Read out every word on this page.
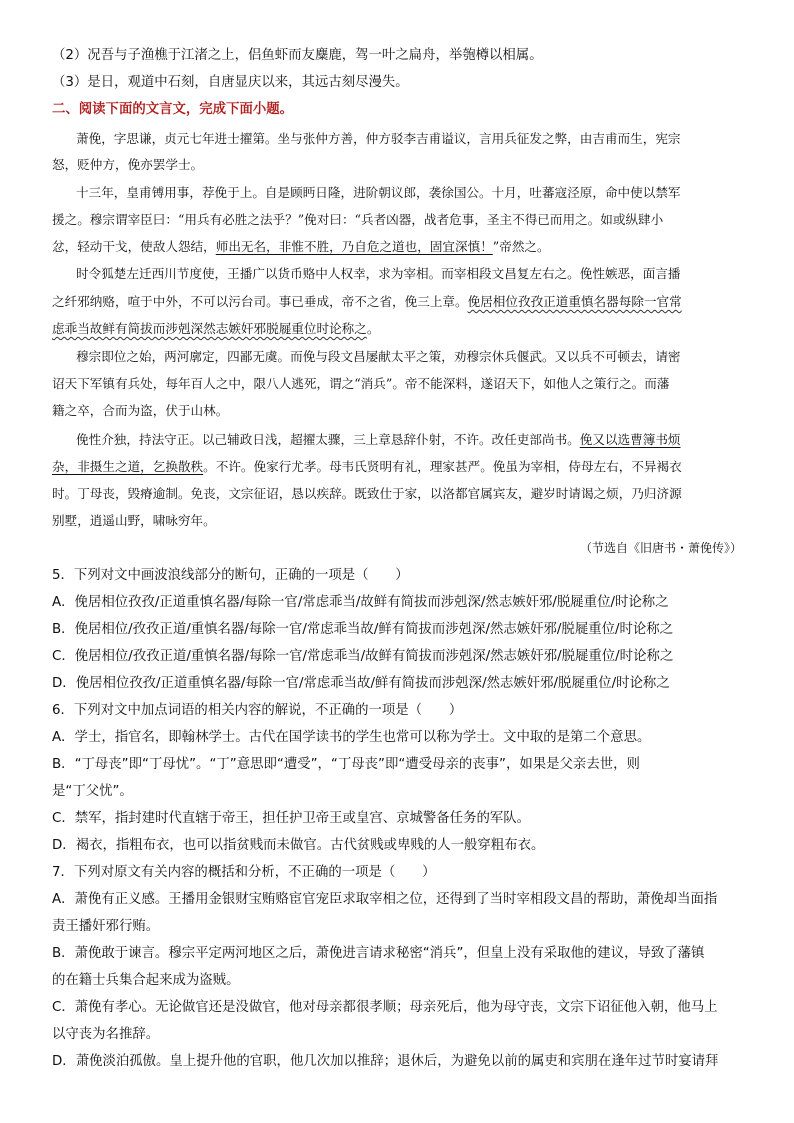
（2）况吾与子渔樵于江渚之上，侣鱼虾而友麋鹿，驾一叶之扁舟，举匏樽以相属。
（3）是日，观道中石刻，自唐显庆以来，其远古刻尽漫失。
二、阅读下面的文言文，完成下面小题。
萧俛，字思谦，贞元七年进士擢第。坐与张仲方善，仲方驳李吉甫谥议，言用兵征发之弊，由吉甫而生，宪宗
怒，贬仲方，俛亦罢学士。
十三年，皇甫镈用事，荐俛于上。自是顾眄日隆，进阶朝议郎，袭徐国公。十月，吐蕃寇泾原，命中使以禁军
援之。穆宗谓宰臣曰：“用兵有必胜之法乎？”俛对曰：“兵者凶器，战者危事，圣主不得已而用之。如或纵肆小
忿，轻动干戈，使敌人怨结，师出无名，非惟不胜，乃自危之道也，固宜深慎！”帝然之。
时令狐楚左迁西川节度使，王播广以货币赂中人权幸，求为宰相。而宰相段文昌复左右之。俛性嫉恶，面言播
之纤邪纳赂，喧于中外，不可以污台司。事已垂成，帝不之省，俛三上章。俛居相位孜孜正道重慎名器每除一官常
虑乖当故鲜有简拔而涉剋深然志嫉奸邪脱屣重位时论称之。
穆宗即位之始，两河廓定，四鄙无虞。而俛与段文昌屡献太平之策，劝穆宗休兵偃武。又以兵不可顿去，请密
诏天下军镇有兵处，每年百人之中，限八人逃死，谓之“消兵”。帝不能深料，遂诏天下，如他人之策行之。而藩
籍之卒，合而为盗，伏于山林。
俛性介独，持法守正。以己辅政日浅，超擢太骤，三上章恳辞仆射，不许。改任吏部尚书。俛又以选曹簿书烦
杂，非摄生之道，乞换散秩。不许。俛家行尤孝。母韦氏贤明有礼，理家甚严。俛虽为宰相，侍母左右，不异褐衣
时。丁母丧，毁瘠逾制。免丧，文宗征诏，恳以疾辞。既致仕于家，以洛都官属宾友，避岁时请谒之烦，乃归济源
别墅，逍遥山野，啸咏穷年。
（节选自《旧唐书・萧俛传》）
5．下列对文中画波浪线部分的断句，正确的一项是（　　）
A．俛居相位孜孜/正道重慎名器/每除一官/常虑乖当/故鲜有简拔而涉剋深/然志嫉奸邪/脱屣重位/时论称之
B．俛居相位/孜孜正道/重慎名器/每除一官/常虑乖当故/鲜有简拔而涉剋深/然志嫉奸邪/脱屣重位/时论称之
C．俛居相位/孜孜正道/重慎名器/每除一官/常虑乖当/故鲜有简拔而涉剋深/然志嫉奸邪/脱屣重位/时论称之
D．俛居相位孜孜/正道重慎名器/每除一官/常虑乖当故/鲜有简拔而涉剋深/然志嫉奸邪/脱屣重位/时论称之
6．下列对文中加点词语的相关内容的解说，不正确的一项是（　　）
A．学士，指官名，即翰林学士。古代在国学读书的学生也常可以称为学士。文中取的是第二个意思。
B．“丁母丧”即“丁母忧”。“丁”意思即“遭受”，“丁母丧”即“遭受母亲的丧事”，如果是父亲去世，则
是“丁父忧”。
C．禁军，指封建时代直辖于帝王，担任护卫帝王或皇宫、京城警备任务的军队。
D．褐衣，指粗布衣，也可以指贫贱而未做官。古代贫贱或卑贱的人一般穿粗布衣。
7．下列对原文有关内容的概括和分析，不正确的一项是（　　）
A．萧俛有正义感。王播用金银财宝贿赂宦官宠臣求取宰相之位，还得到了当时宰相段文昌的帮助，萧俛却当面指
责王播奸邪行贿。
B．萧俛敢于谏言。穆宗平定两河地区之后，萧俛进言请求秘密“消兵”，但皇上没有采取他的建议，导致了藩镇
的在籍士兵集合起来成为盗贼。
C．萧俛有孝心。无论做官还是没做官，他对母亲都很孝顺；母亲死后，他为母守丧，文宗下诏征他入朝，他马上
以守丧为名推辞。
D．萧俛淡泊孤傲。皇上提升他的官职，他几次加以推辞；退休后，为避免以前的属吏和宾朋在逢年过节时宴请拜
